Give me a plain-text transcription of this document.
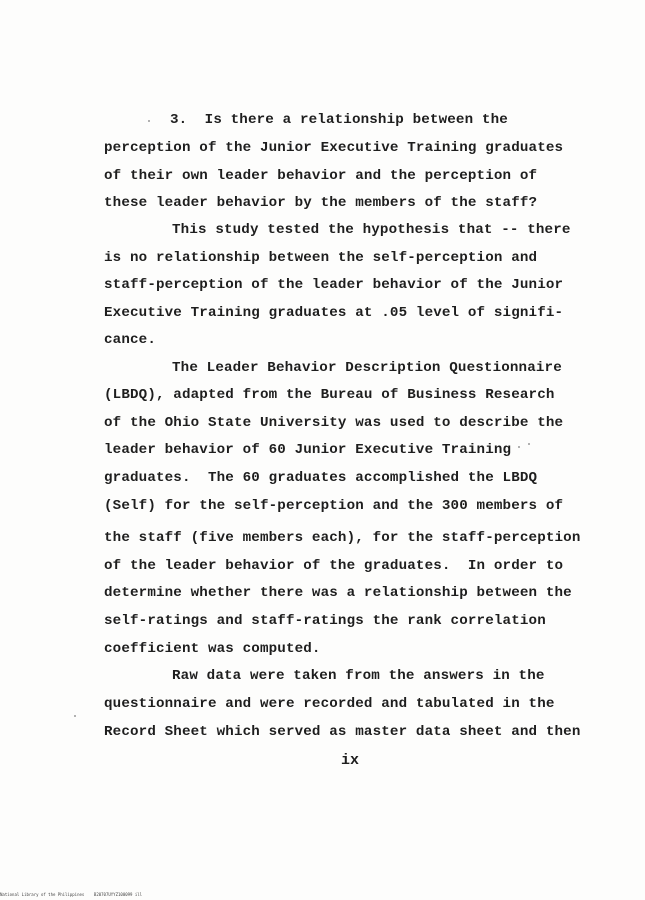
3.  Is there a relationship between the
perception of the Junior Executive Training graduates
of their own leader behavior and the perception of
these leader behavior by the members of the staff?
This study tested the hypothesis that -- there
is no relationship between the self-perception and
staff-perception of the leader behavior of the Junior
Executive Training graduates at .05 level of signifi-
cance.
The Leader Behavior Description Questionnaire
(LBDQ), adapted from the Bureau of Business Research
of the Ohio State University was used to describe the
leader behavior of 60 Junior Executive Training
graduates.  The 60 graduates accomplished the LBDQ
(Self) for the self-perception and the 300 members of
the staff (five members each), for the staff-perception
of the leader behavior of the graduates.  In order to
determine whether there was a relationship between the
self-ratings and staff-ratings the rank correlation
coefficient was computed.
Raw data were taken from the answers in the
questionnaire and were recorded and tabulated in the
Record Sheet which served as master data sheet and then
ix
National Library of the Philippines    B20707UYYZ100099 ill
